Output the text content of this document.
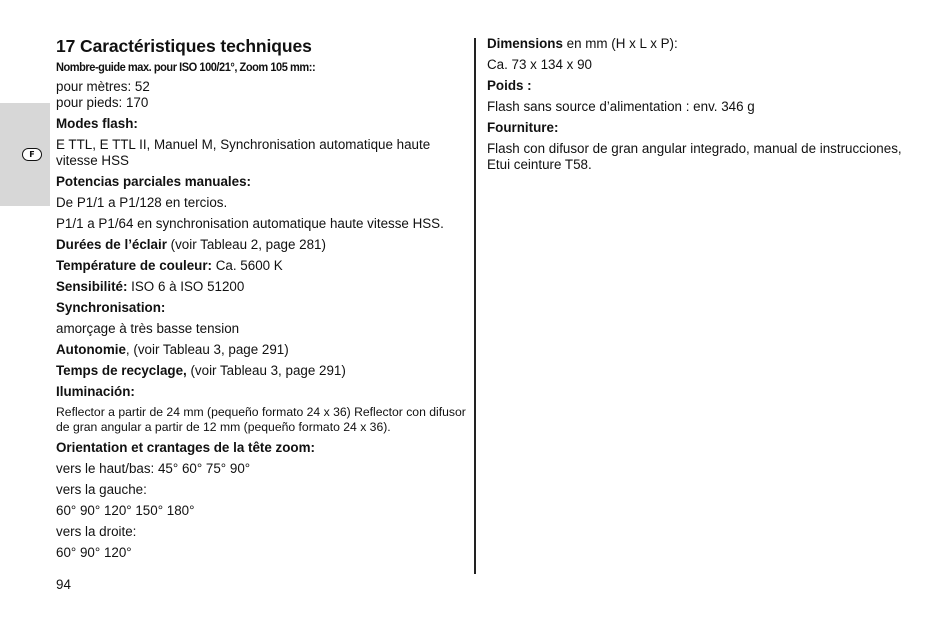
F
17 Caractéristiques techniques
Nombre-guide max. pour ISO 100/21°, Zoom 105 mm::
pour mètres: 52
pour pieds: 170
Modes flash:
E TTL, E TTL II, Manuel M, Synchronisation automatique haute vitesse HSS
Potencias parciales manuales:
De P1/1 a P1/128 en tercios.
P1/1 a P1/64 en synchronisation automatique haute vitesse HSS.
Durées de l’éclair (voir Tableau 2, page 281)
Température de couleur: Ca. 5600 K
Sensibilité: ISO 6 à ISO 51200
Synchronisation:
amorçage à très basse tension
Autonomie, (voir Tableau 3, page 291)
Temps de recyclage, (voir Tableau 3, page 291)
Iluminación:
Reflector a partir de 24 mm (pequeño formato 24 x 36) Reflector con difusor de gran angular a partir de 12 mm (pequeño formato 24 x 36).
Orientation et crantages de la tête zoom:
vers le haut/bas: 45° 60° 75° 90°
vers la gauche:
60° 90° 120° 150° 180°
vers la droite:
60° 90° 120°
Dimensions en mm (H x L x P):
Ca. 73 x 134 x 90
Poids :
Flash sans source d’alimentation : env. 346 g
Fourniture:
Flash con difusor de gran angular integrado, manual de instrucciones, Etui ceinture T58.
94
